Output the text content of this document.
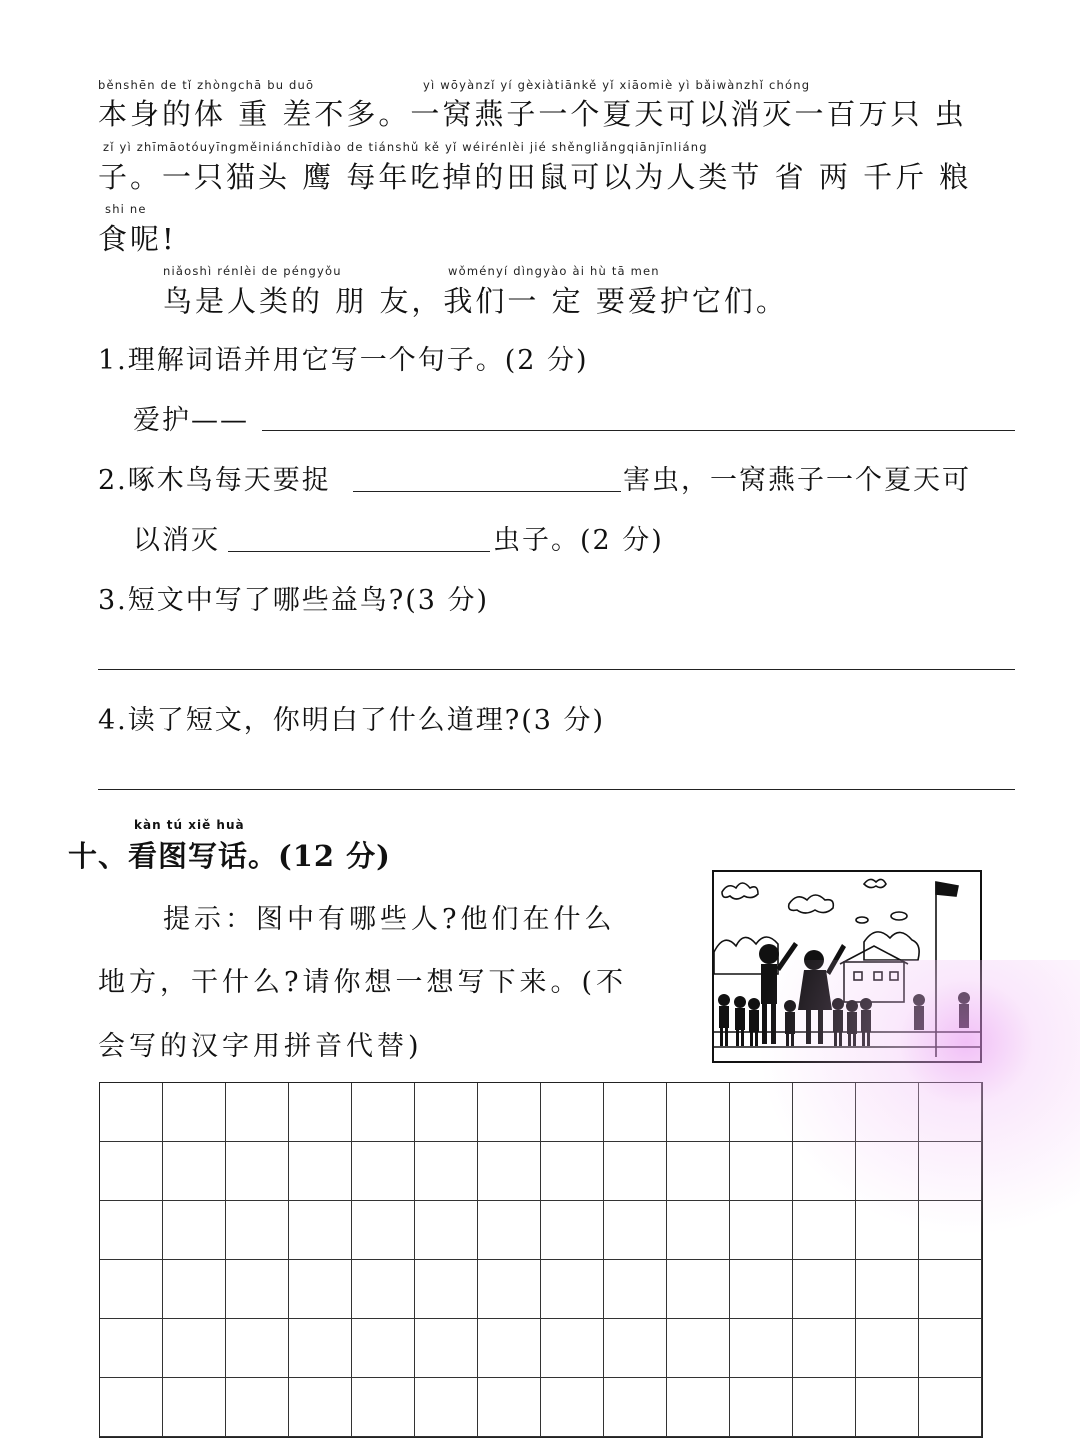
běnshēn de tǐ zhòngchā bu duō	yì wōyànzǐ yí gèxiàtiānkě yǐ xiāomiè yì bǎiwànzhǐ chóng
本身的体 重 差不多。一窝燕子一个夏天可以消灭一百万只 虫
zǐ yì zhīmāotóuyīngměiniánchīdiào de tiánshǔ kě yǐ wéirénlèi jié shěngliǎngqiānjīnliáng
子。一只猫头 鹰 每年吃掉的田鼠可以为人类节 省 两 千斤 粮
shi ne
食呢!
niǎoshì rénlèi de péngyǒu	wǒményí dìngyào ài hù tā men
鸟是人类的 朋 友，我们一 定 要爱护它们。
1.理解词语并用它写一个句子。(2 分)
爱护——
2.啄木鸟每天要捉	害虫，一窝燕子一个夏天可
以消灭	虫子。(2 分)
3.短文中写了哪些益鸟?(3 分)
4.读了短文，你明白了什么道理?(3 分)
kàn tú xiě huà
十、看图写话。(12 分)
提示：图中有哪些人?他们在什么
地方，干什么?请你想一想写下来。(不
会写的汉字用拼音代替)
